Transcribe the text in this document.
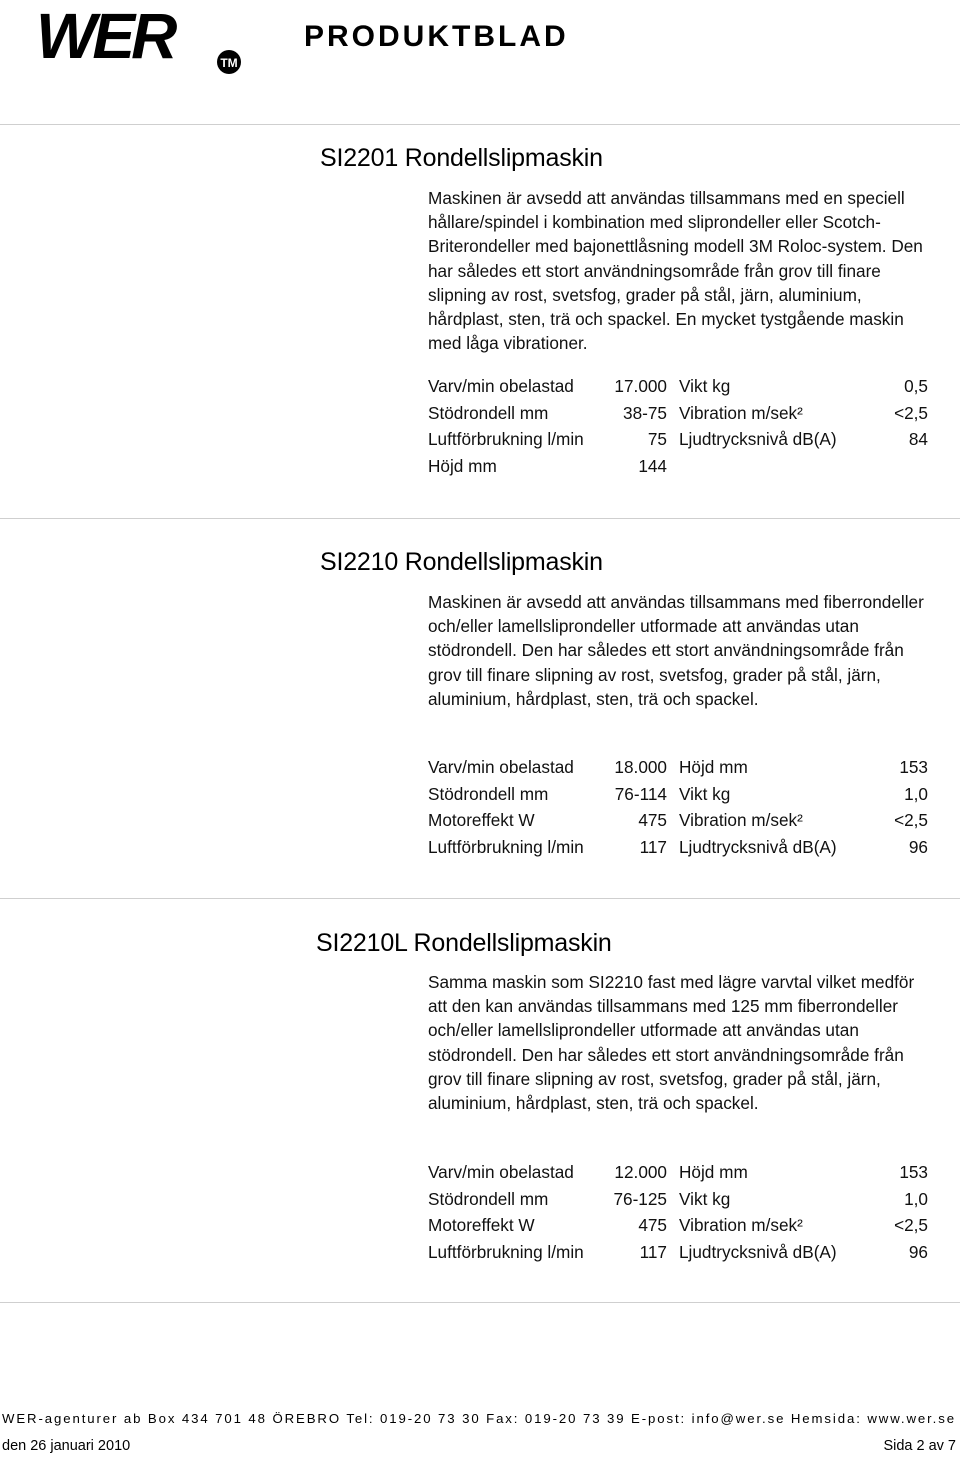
WER	TM
PRODUKTBLAD
SI2201 Rondellslipmaskin
Maskinen är avsedd att användas tillsammans med en speciell hållare/spindel i kombination med sliprondeller eller Scotch-Briterondeller med bajonettlåsning modell 3M Roloc-system. Den har således ett stort användningsområde från grov till finare slipning av rost, svetsfog, grader på stål, järn, aluminium, hårdplast, sten, trä och spackel. En mycket tystgående maskin med låga vibrationer.
Varv/min obelastad 17.000 Vikt kg	0,5
Stödrondell mm	38-75 Vibration m/sek²	<2,5
Luftförbrukning l/min	75 Ljudtrycksnivå dB(A)	84
Höjd mm	144
SI2210 Rondellslipmaskin
Maskinen är avsedd att användas tillsammans med fiberrondeller och/eller lamellsliprondeller utformade att användas utan stödrondell. Den har således ett stort användningsområde från grov till finare slipning av rost, svetsfog, grader på stål, järn, aluminium, hårdplast, sten, trä och spackel.
Varv/min obelastad 18.000 Höjd mm	153
Stödrondell mm	76-114 Vikt kg	1,0
Motoreffekt W	475 Vibration m/sek²	<2,5
Luftförbrukning l/min	117 Ljudtrycksnivå dB(A)	96
SI2210L Rondellslipmaskin
Samma maskin som SI2210 fast med lägre varvtal vilket medför att den kan användas tillsammans med 125 mm fiberrondeller och/eller lamellsliprondeller utformade att användas utan stödrondell. Den har således ett stort användningsområde från grov till finare slipning av rost, svetsfog, grader på stål, järn, aluminium, hårdplast, sten, trä och spackel.
Varv/min obelastad 12.000 Höjd mm	153
Stödrondell mm	76-125 Vikt kg	1,0
Motoreffekt W	475 Vibration m/sek²	<2,5
Luftförbrukning l/min	117 Ljudtrycksnivå dB(A)	96
WER-agenturer ab Box 434 701 48 ÖREBRO Tel: 019-20 73 30 Fax: 019-20 73 39 E-post: info@wer.se Hemsida: www.wer.se
den 26 januari 2010	Sida 2 av 7
